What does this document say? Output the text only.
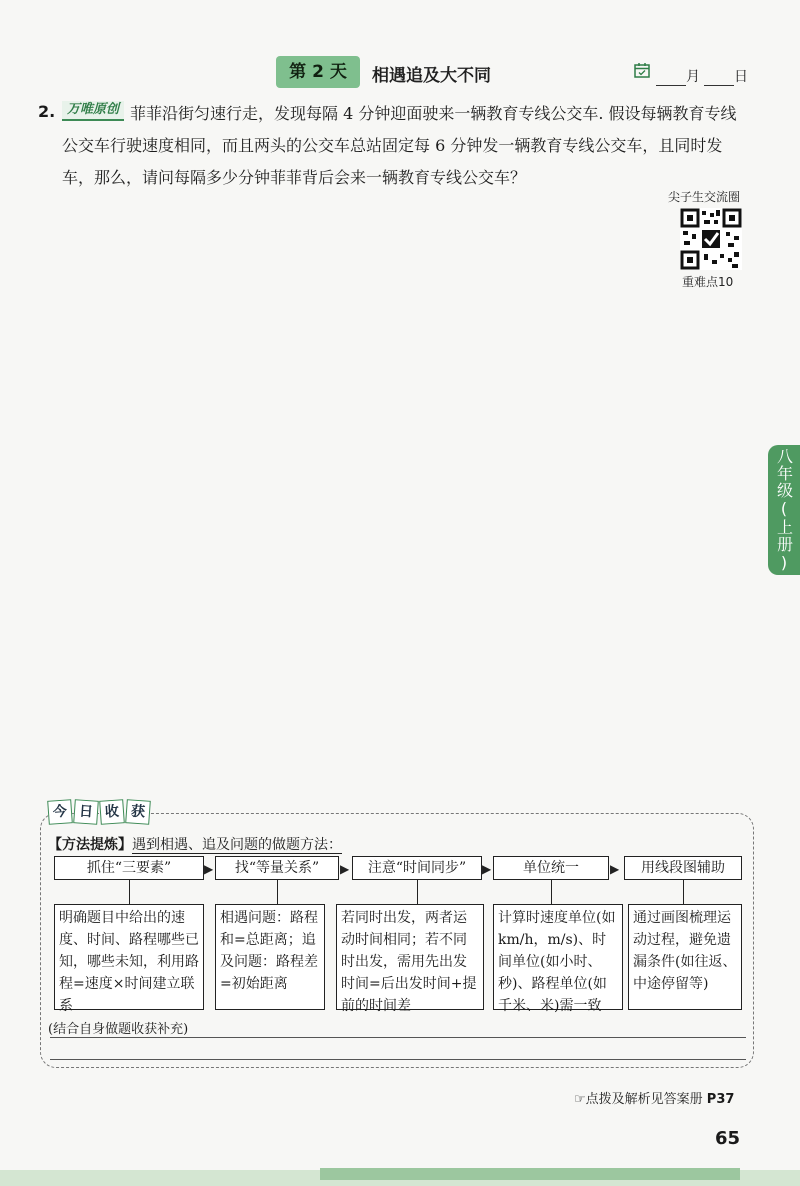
第 2 天	相遇追及大不同	月 日
2.	菲菲沿街匀速行走，发现每隔 4 分钟迎面驶来一辆教育专线公交车. 假设每辆教育专线公交车行驶速度相同，而且两头的公交车总站固定每 6 分钟发一辆教育专线公交车，且同时发车，那么，请问每隔多少分钟菲菲背后会来一辆教育专线公交车？

万唯原创
尖子生交流圈
重难点10
八年级(上册)
今 日 收 获
【方法提炼】遇到相遇、追及问题的做题方法：
抓住“三要素”	▶	找“等量关系”	▶	注意“时间同步”	▶	单位统一	▶	用线段图辅助
明确题目中给出的速度、时间、路程哪些已知，哪些未知，利用路程=速度×时间建立联系
相遇问题：路程和=总距离；追及问题：路程差=初始距离
若同时出发，两者运动时间相同；若不同时出发，需用先出发时间=后出发时间+提前的时间差
计算时速度单位(如km/h，m/s)、时间单位(如小时、秒)、路程单位(如千米、米)需一致
通过画图梳理运动过程，避免遗漏条件(如往返、中途停留等)
(结合自身做题收获补充)
☞点拨及解析见答案册 P37
65
